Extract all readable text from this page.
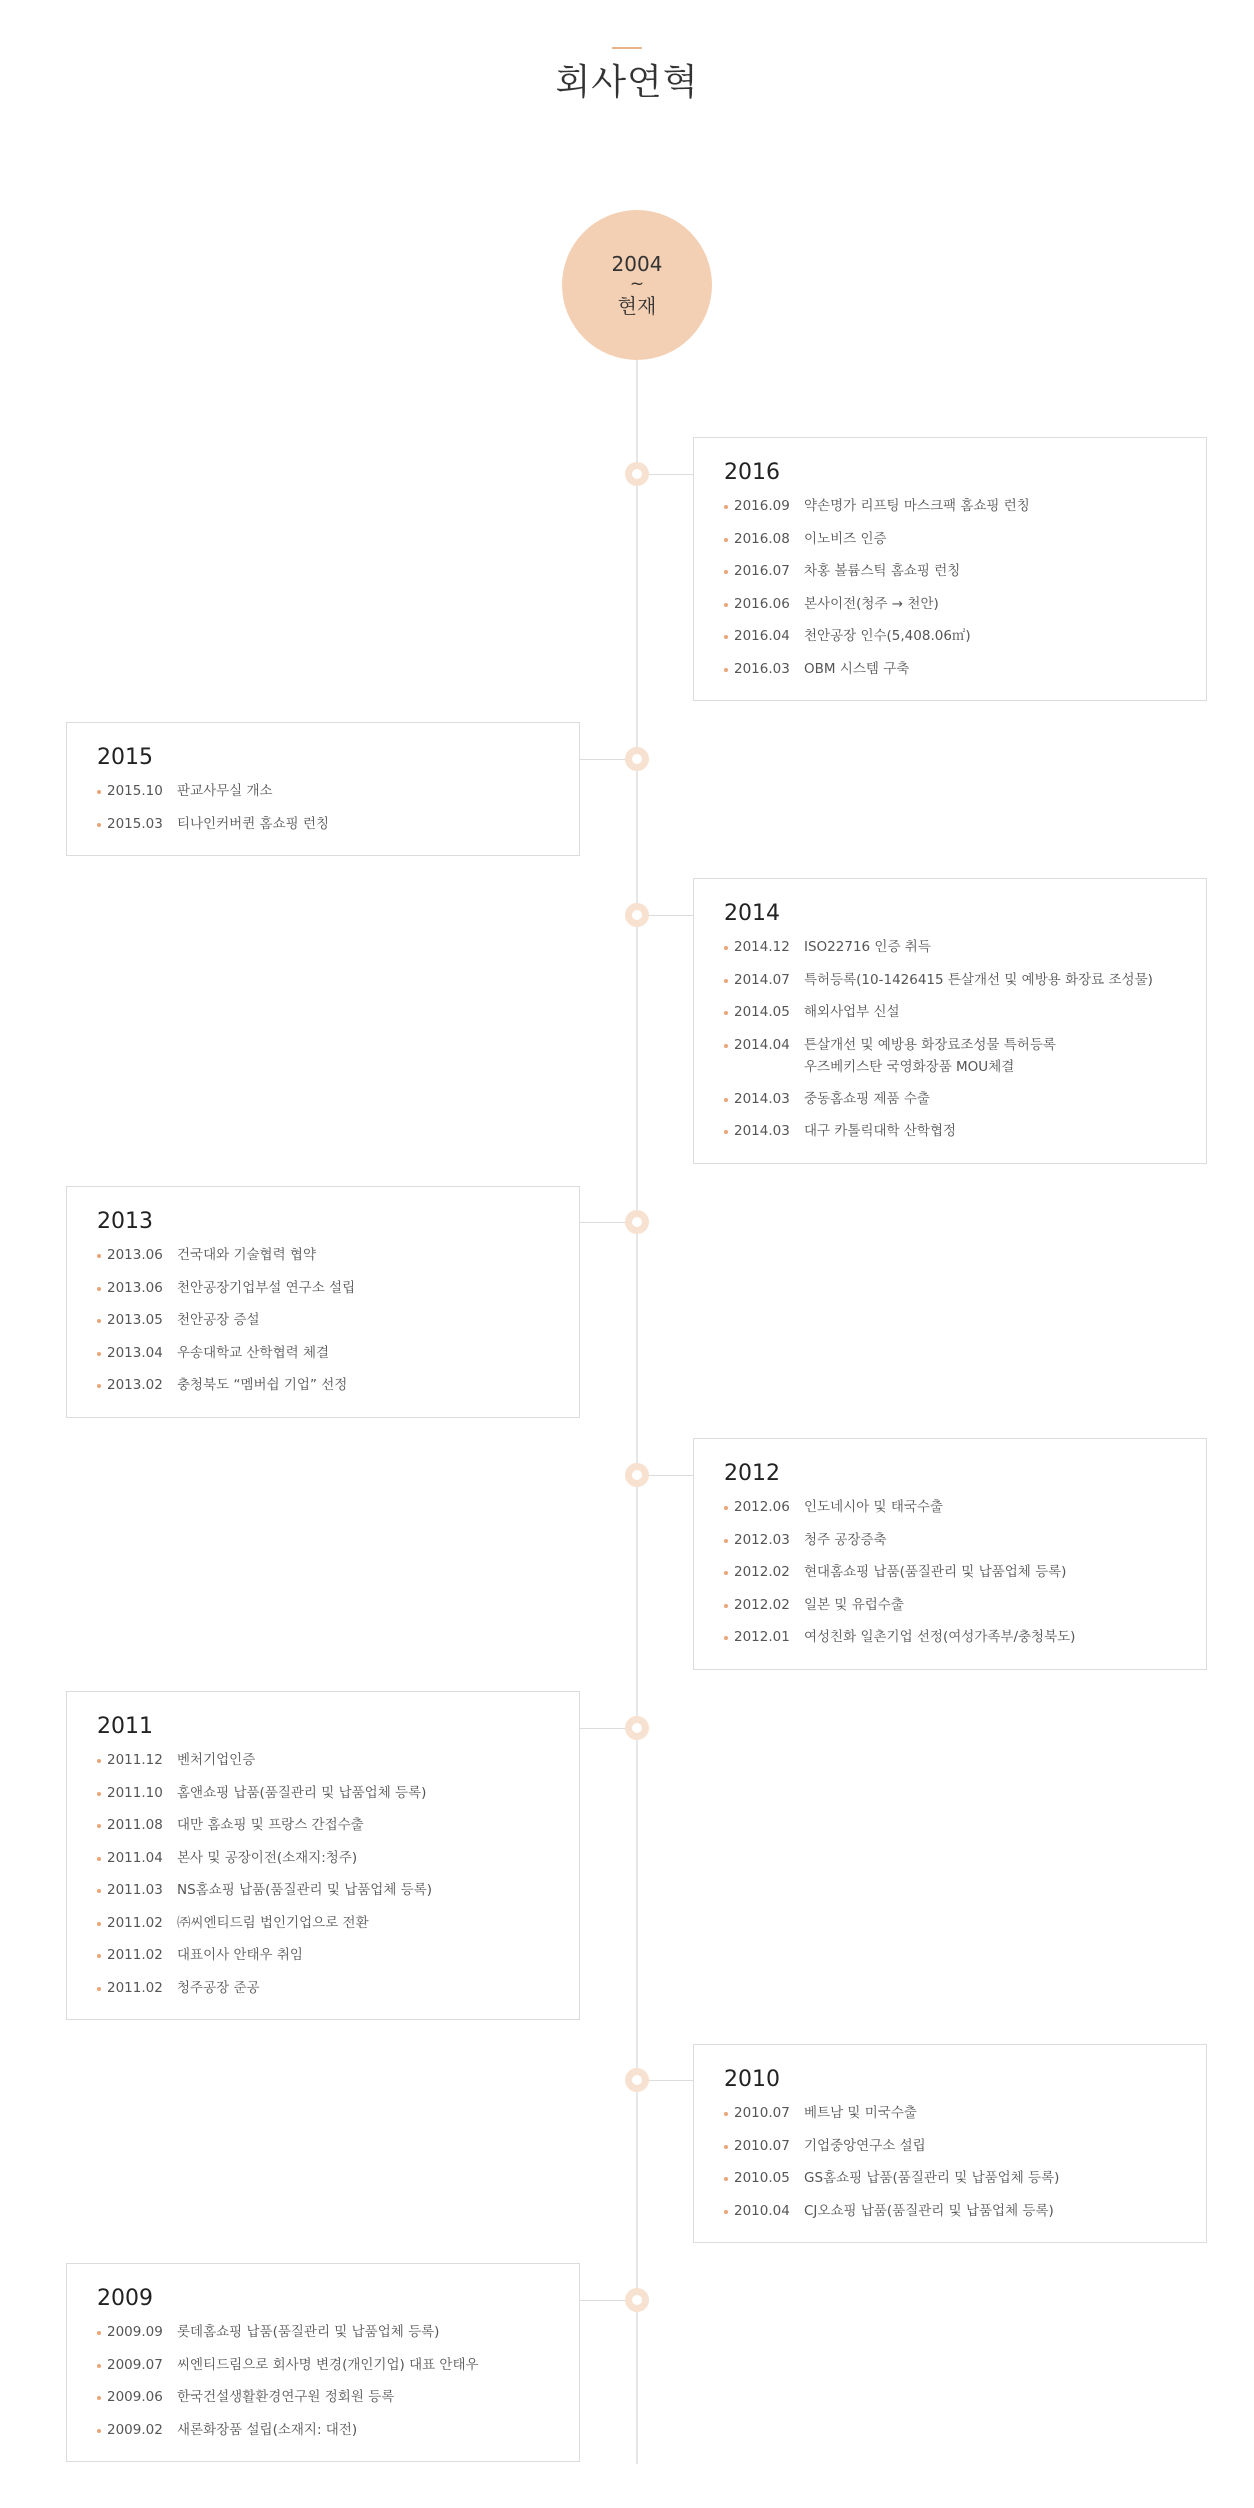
회사연혁
2004
~
현재
2016
2016.09	약손명가 리프팅 마스크팩 홈쇼핑 런칭
2016.08	이노비즈 인증
2016.07	차홍 볼륨스틱 홈쇼핑 런칭
2016.06	본사이전(청주 → 천안)
2016.04	천안공장 인수(5,408.06㎡)
2016.03	OBM 시스템 구축
2015
2015.10	판교사무실 개소
2015.03	티나인커버퀸 홈쇼핑 런칭
2014
2014.12	ISO22716 인증 취득
2014.07	특허등록(10-1426415 튼살개선 및 예방용 화장료 조성물)
2014.05	해외사업부 신설
2014.04	튼살개선 및 예방용 화장료조성물 특허등록
우즈베키스탄 국영화장품 MOU체결
2014.03	중동홈쇼핑 제품 수출
2014.03	대구 카톨릭대학 산학협정
2013
2013.06	건국대와 기술협력 협약
2013.06	천안공장기업부설 연구소 설립
2013.05	천안공장 증설
2013.04	우송대학교 산학협력 체결
2013.02	충청북도 “멤버쉽 기업” 선정
2012
2012.06	인도네시아 및 태국수출
2012.03	청주 공장증축
2012.02	현대홈쇼핑 납품(품질관리 및 납품업체 등록)
2012.02	일본 및 유럽수출
2012.01	여성친화 일촌기업 선정(여성가족부/충청북도)
2011
2011.12	벤처기업인증
2011.10	홈앤쇼핑 납품(품질관리 및 납품업체 등록)
2011.08	대만 홈쇼핑 및 프랑스 간접수출
2011.04	본사 및 공장이전(소재지:청주)
2011.03	NS홈쇼핑 납품(품질관리 및 납품업체 등록)
2011.02	㈜씨엔티드림 법인기업으로 전환
2011.02	대표이사 안태우 취임
2011.02	청주공장 준공
2010
2010.07	베트남 및 미국수출
2010.07	기업중앙연구소 설립
2010.05	GS홈쇼핑 납품(품질관리 및 납품업체 등록)
2010.04	CJ오쇼핑 납품(품질관리 및 납품업체 등록)
2009
2009.09	롯데홈쇼핑 납품(품질관리 및 납품업체 등록)
2009.07	씨엔티드림으로 회사명 변경(개인기업) 대표 안태우
2009.06	한국건설생활환경연구원 정회원 등록
2009.02	새론화장품 설립(소재지: 대전)
